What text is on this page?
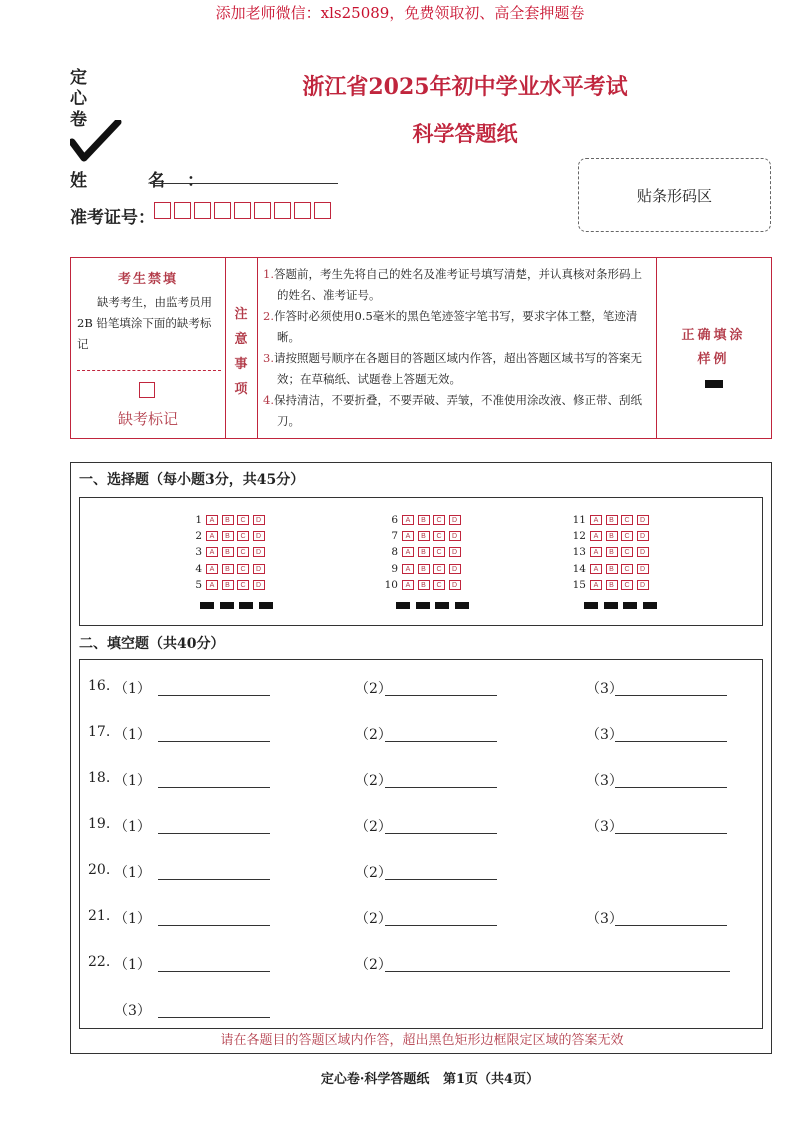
添加老师微信：xls25089，免费领取初、高全套押题卷
定
心
卷
浙江省2025年初中学业水平考试
科学答题纸
姓　名：
准考证号：
贴条形码区
考生禁填
缺考考生，由监考员用 2B 铅笔填涂下面的缺考标记
缺考标记
注
意
事
项
1.答题前，考生先将自己的姓名及准考证号填写清楚，并认真核对条形码上的姓名、准考证号。
2.作答时必须使用0.5毫米的黑色笔迹签字笔书写，要求字体工整，笔迹清晰。
3.请按照题号顺序在各题目的答题区域内作答，超出答题区域书写的答案无效；在草稿纸、试题卷上答题无效。
4.保持清洁，不要折叠，不要弄破、弄皱，不准使用涂改液、修正带、刮纸刀。
正确填涂
样例
一、选择题（每小题3分，共45分）
1	A	B	C	D
2	A	B	C	D
3	A	B	C	D
4	A	B	C	D
5	A	B	C	D
6	A	B	C	D
7	A	B	C	D
8	A	B	C	D
9	A	B	C	D
10	A	B	C	D
11	A	B	C	D
12	A	B	C	D
13	A	B	C	D
14	A	B	C	D
15	A	B	C	D
二、填空题（共40分）
16. （1）	（2）	（3）
17. （1）	（2）	（3）
18. （1）	（2）	（3）
19. （1）	（2）	（3）
20. （1）	（2）
21. （1）	（2）	（3）
22. （1）	（2）
（3）
请在各题目的答题区域内作答，超出黑色矩形边框限定区域的答案无效
定心卷·科学答题纸 第1页（共4页）
